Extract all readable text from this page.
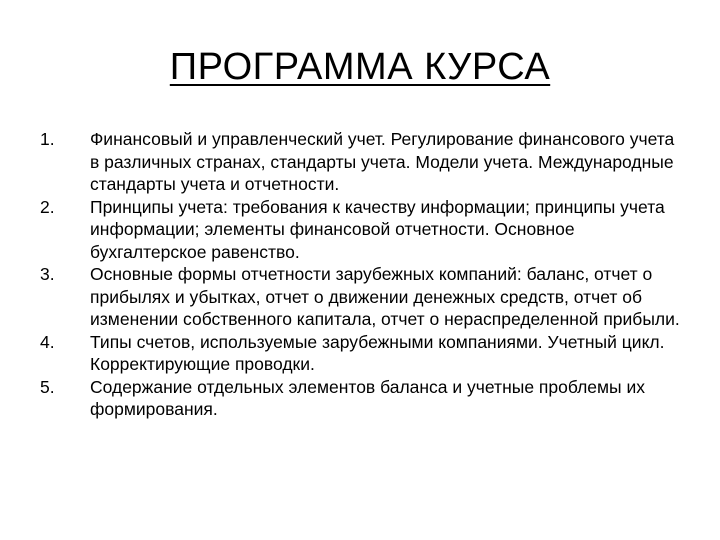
ПРОГРАММА КУРСА
1.	Финансовый и управленческий учет. Регулирование финансового учета в различных странах, стандарты учета. Модели учета. Международные стандарты учета и отчетности.
2.	Принципы учета: требования к качеству информации; принципы учета информации; элементы финансовой отчетности. Основное бухгалтерское равенство.
3.	Основные формы отчетности зарубежных компаний: баланс, отчет о прибылях и убытках, отчет о движении денежных средств, отчет об изменении собственного капитала, отчет о нераспределенной прибыли.
4.	Типы счетов, используемые зарубежными компаниями. Учетный цикл. Корректирующие проводки.
5.	Содержание отдельных элементов баланса и учетные проблемы их формирования.
